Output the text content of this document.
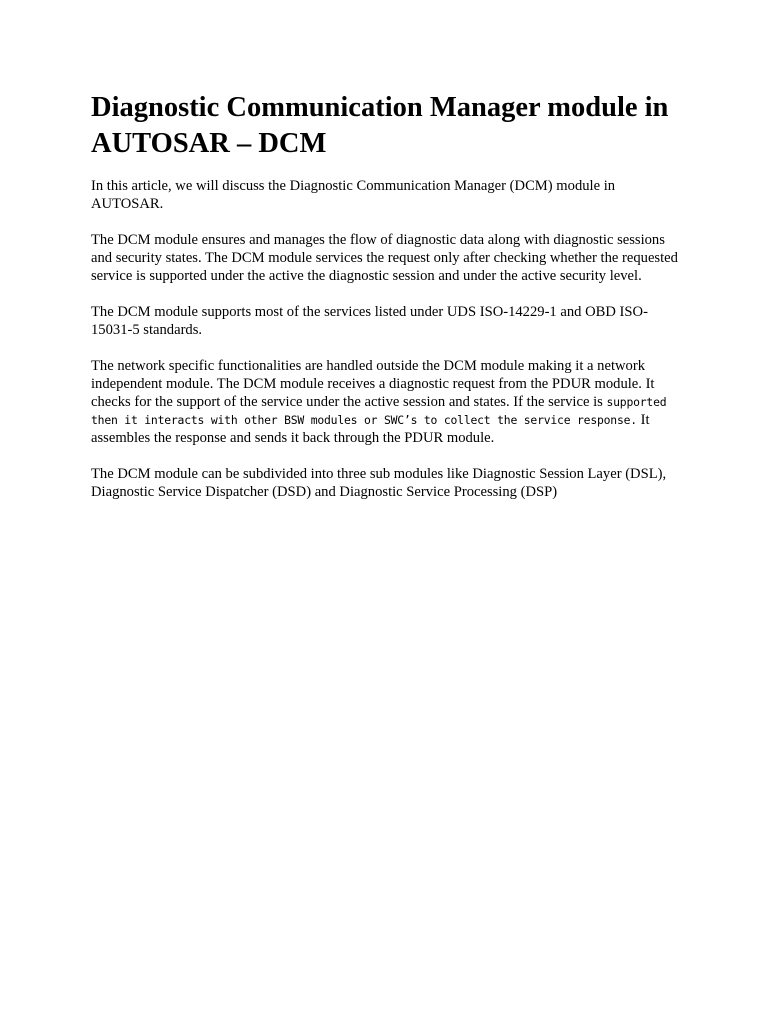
Diagnostic Communication Manager module in AUTOSAR – DCM

In this article, we will discuss the Diagnostic Communication Manager (DCM) module in AUTOSAR.

The DCM module ensures and manages the flow of diagnostic data along with diagnostic sessions and security states. The DCM module services the request only after checking whether the requested service is supported under the active the diagnostic session and under the active security level.

The DCM module supports most of the services listed under UDS ISO-14229-1 and OBD ISO-15031-5 standards.

The network specific functionalities are handled outside the DCM module making it a network independent module. The DCM module receives a diagnostic request from the PDUR module. It checks for the support of the service under the active session and states. If the service is supported then it interacts with other BSW modules or SWC’s to collect the service response. It assembles the response and sends it back through the PDUR module.

The DCM module can be subdivided into three sub modules like Diagnostic Session Layer (DSL), Diagnostic Service Dispatcher (DSD) and Diagnostic Service Processing (DSP)
